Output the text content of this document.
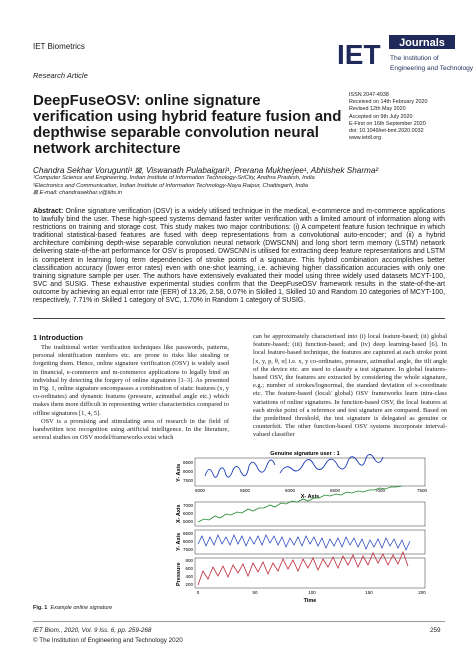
IET Biometrics
Research Article
IET Journals
The Institution of
Engineering and Technology
ISSN 2047-4938
Received on 14th February 2020
Revised 12th May 2020
Accepted on 9th July 2020
E-First on 16th September 2020
doi: 10.1049/iet-bmt.2020.0032
www.ietdl.org
DeepFuseOSV: online signature verification using hybrid feature fusion and depthwise separable convolution neural network architecture
Chandra Sekhar Vorugunti¹ ⊠, Viswanath Pulabaigari¹, Prerana Mukherjee¹, Abhishek Sharma²
¹Computer Science and Engineering, Indian Institute of Information Technology-SriCity, Andhra Pradesh, India
²Electronics and Communication, Indian Institute of Information Technology-Naya Raipur, Chattisgarh, India
⊠ E-mail: chandrasekhar.v@iiits.in
Abstract: Online signature verification (OSV) is a widely utilised technique in the medical, e-commerce and m-commerce applications to lawfully bind the user. These high-speed systems demand faster writer verification with a limited amount of information along with restrictions on training and storage cost. This study makes two major contributions: (i) A competent feature fusion technique in which traditional statistical-based features are fused with deep representations from a convolutional auto-encoder; and (ii) a hybrid architecture combining depth-wise separable convolution neural network (DWSCNN) and long short term memory (LSTM) network delivering state-of-the-art performance for OSV is proposed. DWSCNN is utilised for extracting deep feature representations and LSTM is competent in learning long term dependencies of stroke points of a signature. This hybrid combination accomplishes better classification accuracy (lower error rates) even with one-shot learning, i.e. achieving higher classification accuracies with only one training signature sample per user. The authors have extensively evaluated their model using three widely used datasets MCYT-100, SVC and SUSIG. These exhaustive experimental studies confirm that the DeepFuseOSV framework results in the state-of-the-art outcome by achieving an equal error rate (EER) of 13.26, 2.58, 0.07% in Skilled 1, Skilled 10 and Random 10 categories of MCYT-100, respectively, 7.71% in Skilled 1 category of SVC, 1.70% in Random 1 category of SUSIG.
1 Introduction

The traditional writer verification techniques like passwords, patterns, personal identification numbers etc. are prone to risks like stealing or forgetting them. Hence, online signature verification (OSV) is widely used in financial, e-commerce and m-commerce applications to legally bind an individual by detecting the forgery of online signatures [1–3]. As presented in Fig. 1, online signature encompasses a combination of static features (x, y co-ordinates) and dynamic features (pressure, azimuthal angle etc.) which makes them more difficult in representing writer characteristics compared to offline signatures [1, 4, 5].

OSV is a promising and stimulating area of research in the field of handwritten text recognition using artificial intelligence. In the literature, several studies on OSV model/frameworks exist which

can be approximately characterised into (i) local feature-based; (ii) global feature-based; (iii) function-based; and (iv) deep learning-based [6]. In local feature-based technique, the features are captured at each stroke point [x, y, p, θ, α] i.e. x, y co-ordinates, pressure, azimuthal angle, the tilt angle of the device etc. are used to classify a test signature. In global features-based OSV, the features are extracted by considering the whole signature, e.g.; number of strokes/lognormal, the standard deviation of x-coordinate etc. The feature-based (local/ global) OSV frameworks learn intra-class variations of online signatures. In function-based OSV, the local features at each stroke point of a reference and test signature are compared. Based on the predefined threshold, the test signature is delegated as genuine or counterfeit. The other function-based OSV systems incorporate interval-valued classifier

Genuine signature user : 1
Y- Axis
8500
8000
7500
5000	5500	6000	6500	7000	7500
X- Axis
X- Axis 7000
6000
5000
Y- Axis 8500
8000
7500
Pressure
800
600
400
200
0	50	100	150	200
Time
Fig. 1 Example online signature
IET Biom., 2020, Vol. 9 Iss. 6, pp. 259-268
© The Institution of Engineering and Technology 2020
259
